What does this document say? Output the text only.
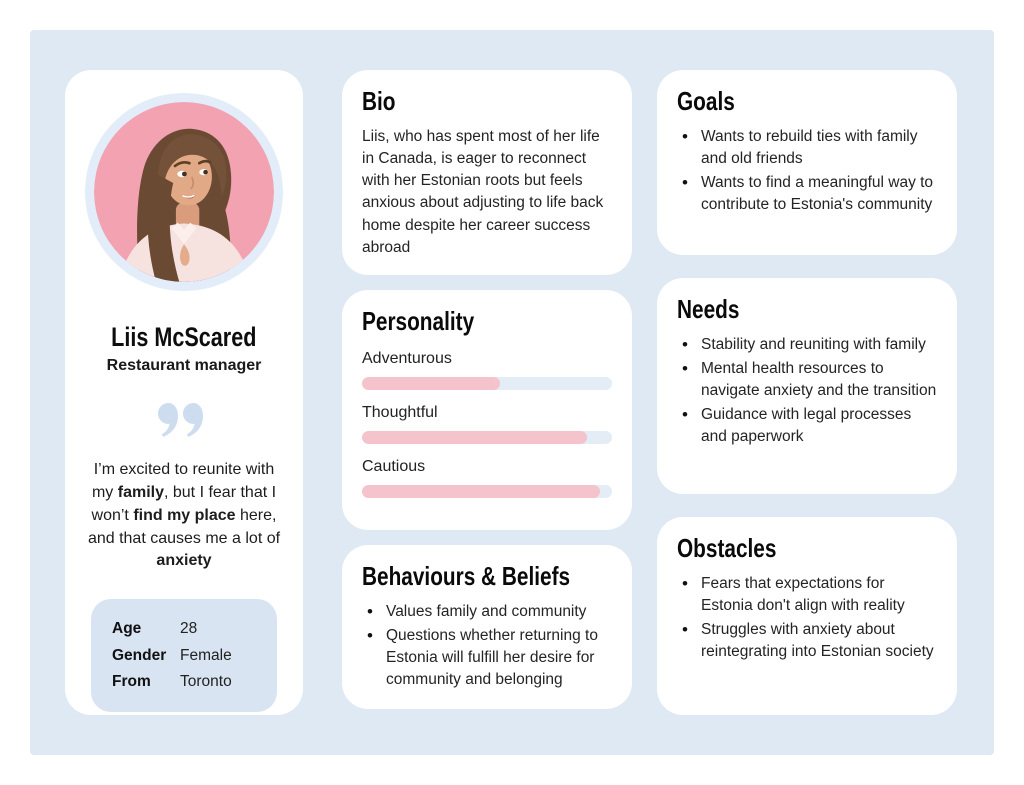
Liis McScared
Restaurant manager

I’m excited to reunite with my family, but I fear that I won’t find my place here, and that causes me a lot of anxiety

Age	28
Gender Female
From	Toronto
Bio

Liis, who has spent most of her life in Canada, is eager to reconnect with her Estonian roots but feels anxious about adjusting to life back home despite her career success abroad

Personality
Adventurous
Thoughtful
Cautious
Behaviours & Beliefs
• Values family and community
• Questions whether returning to Estonia will fulfill her desire for community and belonging
Goals
• Wants to rebuild ties with family and old friends
• Wants to find a meaningful way to contribute to Estonia's community
Needs
• Stability and reuniting with family
• Mental health resources to navigate anxiety and the transition
• Guidance with legal processes and paperwork
Obstacles
• Fears that expectations for Estonia don't align with reality
• Struggles with anxiety about reintegrating into Estonian society
